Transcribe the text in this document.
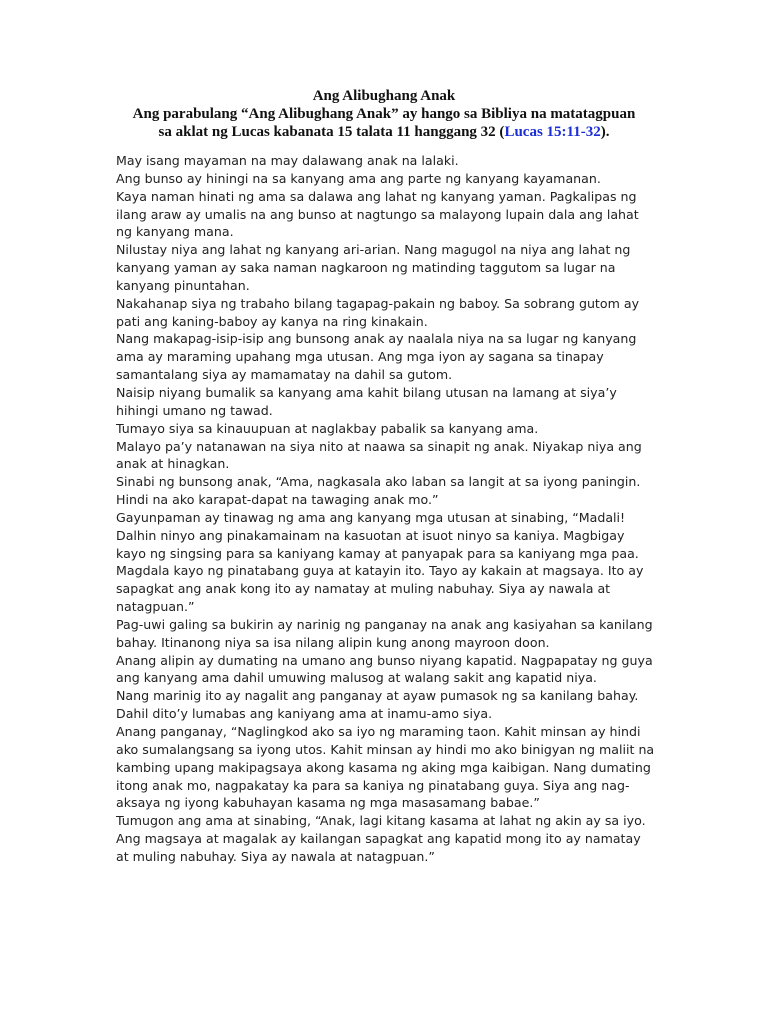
Ang Alibughang Anak
Ang parabulang “Ang Alibughang Anak” ay hango sa Bibliya na matatagpuan
sa aklat ng Lucas kabanata 15 talata 11 hanggang 32 (Lucas 15:11-32).

May isang mayaman na may dalawang anak na lalaki.

Ang bunso ay hiningi na sa kanyang ama ang parte ng kanyang kayamanan.

Kaya naman hinati ng ama sa dalawa ang lahat ng kanyang yaman. Pagkalipas ng ilang araw ay umalis na ang bunso at nagtungo sa malayong lupain dala ang lahat ng kanyang mana.

Nilustay niya ang lahat ng kanyang ari-arian. Nang magugol na niya ang lahat ng kanyang yaman ay saka naman nagkaroon ng matinding taggutom sa lugar na kanyang pinuntahan.

Nakahanap siya ng trabaho bilang tagapag-pakain ng baboy. Sa sobrang gutom ay pati ang kaning-baboy ay kanya na ring kinakain.

Nang makapag-isip-isip ang bunsong anak ay naalala niya na sa lugar ng kanyang ama ay maraming upahang mga utusan. Ang mga iyon ay sagana sa tinapay samantalang siya ay mamamatay na dahil sa gutom.

Naisip niyang bumalik sa kanyang ama kahit bilang utusan na lamang at siya’y hihingi umano ng tawad.

Tumayo siya sa kinauupuan at naglakbay pabalik sa kanyang ama.

Malayo pa’y natanawan na siya nito at naawa sa sinapit ng anak. Niyakap niya ang anak at hinagkan.

Sinabi ng bunsong anak, “Ama, nagkasala ako laban sa langit at sa iyong paningin. Hindi na ako karapat-dapat na tawaging anak mo.”

Gayunpaman ay tinawag ng ama ang kanyang mga utusan at sinabing, “Madali! Dalhin ninyo ang pinakamainam na kasuotan at isuot ninyo sa kaniya. Magbigay kayo ng singsing para sa kaniyang kamay at panyapak para sa kaniyang mga paa. Magdala kayo ng pinatabang guya at katayin ito. Tayo ay kakain at magsaya. Ito ay sapagkat ang anak kong ito ay namatay at muling nabuhay. Siya ay nawala at natagpuan.”

Pag-uwi galing sa bukirin ay narinig ng panganay na anak ang kasiyahan sa kanilang bahay. Itinanong niya sa isa nilang alipin kung anong mayroon doon.

Anang alipin ay dumating na umano ang bunso niyang kapatid. Nagpapatay ng guya ang kanyang ama dahil umuwing malusog at walang sakit ang kapatid niya.

Nang marinig ito ay nagalit ang panganay at ayaw pumasok ng sa kanilang bahay. Dahil dito’y lumabas ang kaniyang ama at inamu-amo siya.

Anang panganay, “Naglingkod ako sa iyo ng maraming taon. Kahit minsan ay hindi ako sumalangsang sa iyong utos. Kahit minsan ay hindi mo ako binigyan ng maliit na kambing upang makipagsaya akong kasama ng aking mga kaibigan. Nang dumating itong anak mo, nagpakatay ka para sa kaniya ng pinatabang guya. Siya ang nag-aksaya ng iyong kabuhayan kasama ng mga masasamang babae.”

Tumugon ang ama at sinabing, “Anak, lagi kitang kasama at lahat ng akin ay sa iyo. Ang magsaya at magalak ay kailangan sapagkat ang kapatid mong ito ay namatay at muling nabuhay. Siya ay nawala at natagpuan.”
